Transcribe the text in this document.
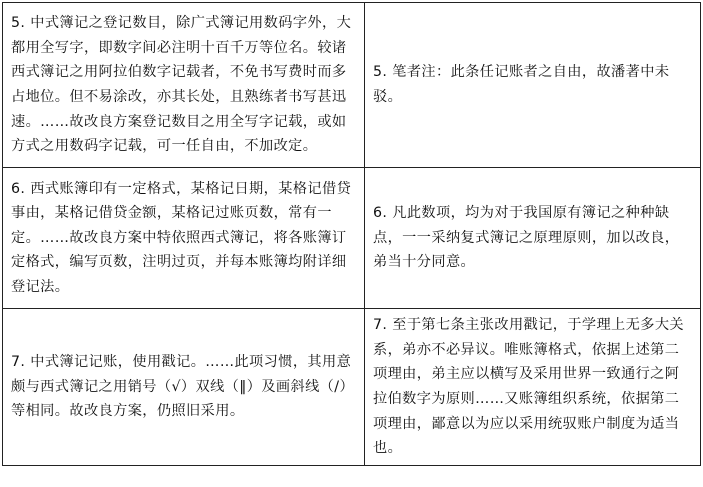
5. 中式簿记之登记数目，除广式簿记用数码字外，大都用全写字，即数字间必注明十百千万等位名。较诸西式簿记之用阿拉伯数字记载者，不免书写费时而多占地位。但不易涂改，亦其长处，且熟练者书写甚迅速。……故改良方案登记数目之用全写字记载，或如方式之用数码字记载，可一任自由，不加改定。	5. 笔者注：此条任记账者之自由，故潘著中未驳。
6. 西式账簿印有一定格式，某格记日期，某格记借贷事由，某格记借贷金额，某格记过账页数，常有一定。……故改良方案中特依照西式簿记，将各账簿订定格式，编写页数，注明过页，并每本账簿均附详细登记法。	6. 凡此数项，均为对于我国原有簿记之种种缺点，一一采纳复式簿记之原理原则，加以改良，弟当十分同意。
7. 中式簿记记账，使用戳记。……此项习惯，其用意颇与西式簿记之用销号（√）双线（‖）及画斜线（/）等相同。故改良方案，仍照旧采用。	7. 至于第七条主张改用戳记，于学理上无多大关系，弟亦不必异议。唯账簿格式，依据上述第二项理由，弟主应以横写及采用世界一致通行之阿拉伯数字为原则……又账簿组织系统，依据第二项理由，鄙意以为应以采用统驭账户制度为适当也。
